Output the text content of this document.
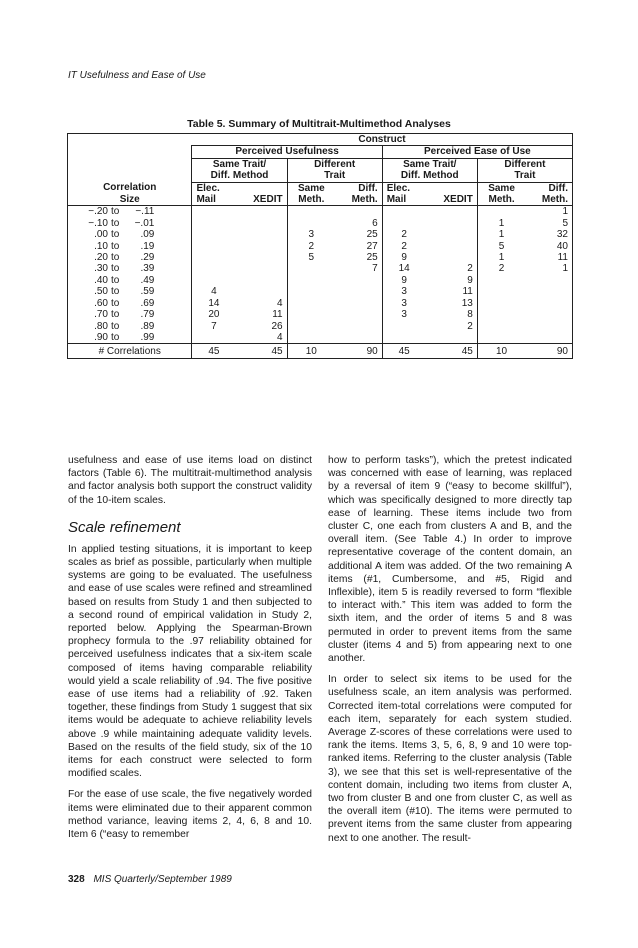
IT Usefulness and Ease of Use
Table 5. Summary of Multitrait-Multimethod Analyses
	Construct							
	Perceived Usefulness				Perceived Ease of Use			
	Same Trait/		Different		Same Trait/		Different	
	Diff. Method		Trait		Diff. Method		Trait	
Correlation	Elec.		Same	Diff.	Elec.		Same	Diff.
Size	Mail	XEDIT	Meth.	Meth.	Mail	XEDIT	Meth.	Meth.
−.20 to −.11								1
−.10 to −.01				6			1	5
.00 to .09			3	25	2		1	32
.10 to .19			2	27	2		5	40
.20 to .29			5	25	9		1	11
.30 to .39				7	14	2	2	1
.40 to .49					9	9		
.50 to .59	4				3	11		
.60 to .69	14	4			3	13		
.70 to .79	20	11			3	8		
.80 to .89	7	26				2		
.90 to .99		4						
# Correlations	45	45	10	90	45	45	10	90

usefulness and ease of use items load on distinct factors (Table 6). The multitrait-multimethod analysis and factor analysis both support the construct validity of the 10-item scales.

Scale refinement

In applied testing situations, it is important to keep scales as brief as possible, particularly when multiple systems are going to be evaluated. The usefulness and ease of use scales were refined and streamlined based on results from Study 1 and then subjected to a second round of empirical validation in Study 2, reported below. Applying the Spearman-Brown prophecy formula to the .97 reliability obtained for perceived usefulness indicates that a six-item scale composed of items having comparable reliability would yield a scale reliability of .94. The five positive ease of use items had a reliability of .92. Taken together, these findings from Study 1 suggest that six items would be adequate to achieve reliability levels above .9 while maintaining adequate validity levels. Based on the results of the field study, six of the 10 items for each construct were selected to form modified scales.

For the ease of use scale, the five negatively worded items were eliminated due to their apparent common method variance, leaving items 2, 4, 6, 8 and 10. Item 6 (“easy to remember

how to perform tasks”), which the pretest indicated was concerned with ease of learning, was replaced by a reversal of item 9 (“easy to become skillful”), which was specifically designed to more directly tap ease of learning. These items include two from cluster C, one each from clusters A and B, and the overall item. (See Table 4.) In order to improve representative coverage of the content domain, an additional A item was added. Of the two remaining A items (#1, Cumbersome, and #5, Rigid and Inflexible), item 5 is readily reversed to form “flexible to interact with.” This item was added to form the sixth item, and the order of items 5 and 8 was permuted in order to prevent items from the same cluster (items 4 and 5) from appearing next to one another.

In order to select six items to be used for the usefulness scale, an item analysis was performed. Corrected item-total correlations were computed for each item, separately for each system studied. Average Z-scores of these correlations were used to rank the items. Items 3, 5, 6, 8, 9 and 10 were top-ranked items. Referring to the cluster analysis (Table 3), we see that this set is well-representative of the content domain, including two items from cluster A, two from cluster B and one from cluster C, as well as the overall item (#10). The items were permuted to prevent items from the same cluster from appearing next to one another. The result-

328 MIS Quarterly/September 1989
